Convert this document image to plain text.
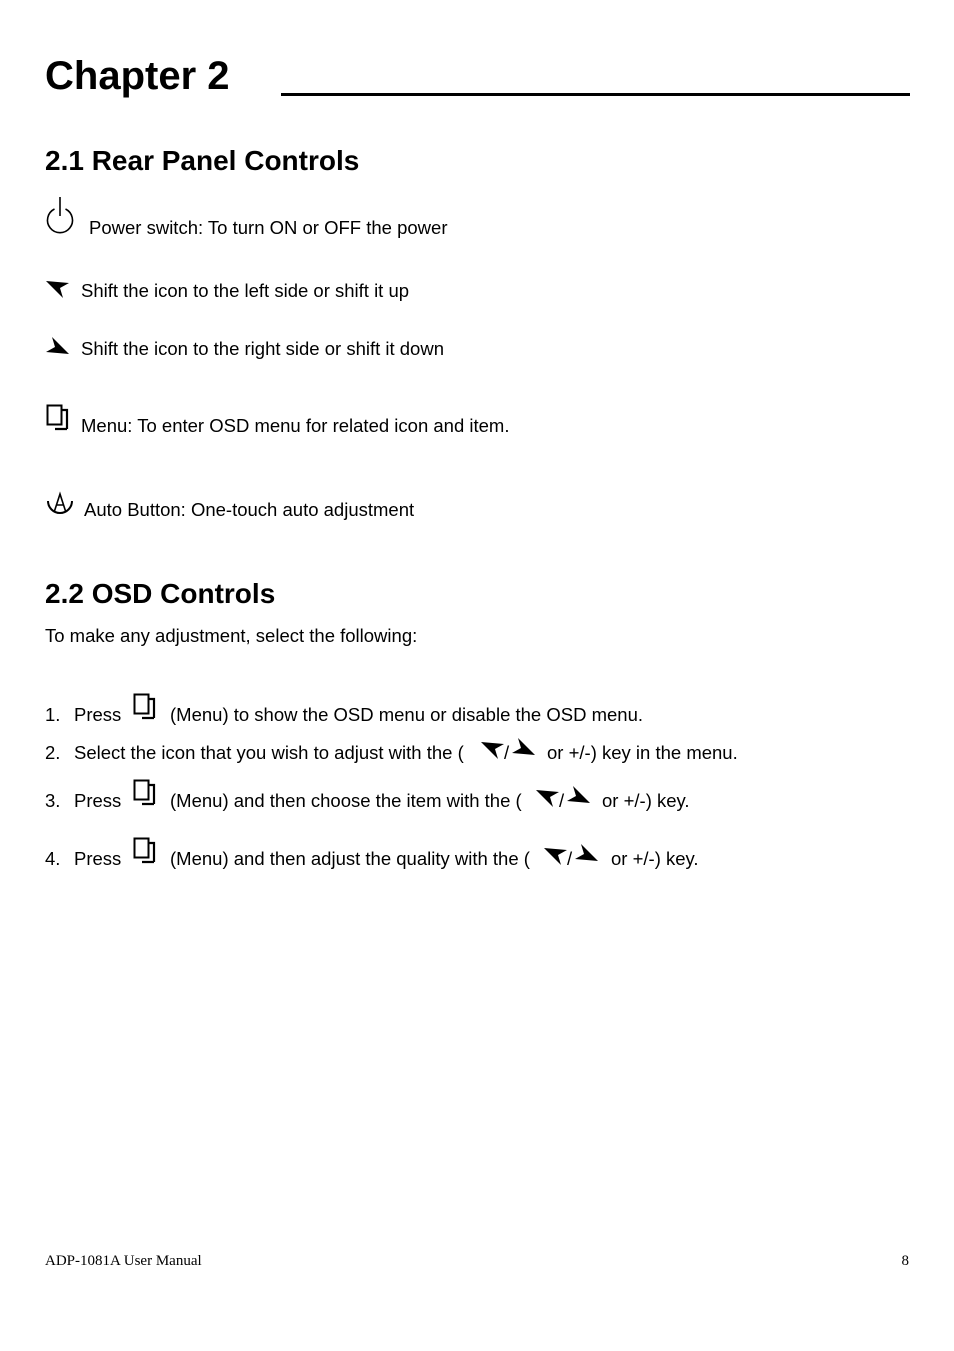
Chapter 2
2.1 Rear Panel Controls
Power switch: To turn ON or OFF the power
Shift the icon to the left side or shift it up
Shift the icon to the right side or shift it down
Menu: To enter OSD menu for related icon and item.
Auto Button: One-touch auto adjustment
2.2 OSD Controls
To make any adjustment, select the following:
1. Press	(Menu) to show the OSD menu or disable the OSD menu.
2. Select the icon that you wish to adjust with the ( / or +/-) key in the menu.
3. Press	(Menu) and then choose the item with the ( / or +/-) key.
4. Press	(Menu) and then adjust the quality with the ( / or +/-) key.
ADP-1081A User Manual	8
